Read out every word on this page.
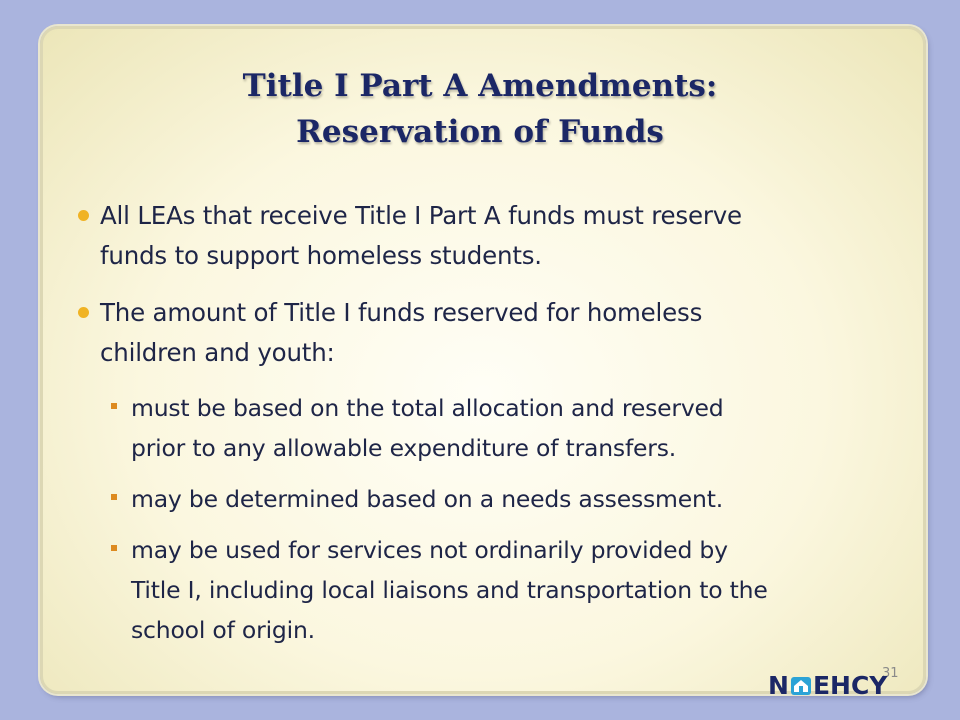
Title I Part A Amendments:
Reservation of Funds
All LEAs that receive Title I Part A funds must reserve
funds to support homeless students.
The amount of Title I funds reserved for homeless
children and youth:
must be based on the total allocation and reserved
prior to any allowable expenditure of transfers.
may be determined based on a needs assessment.
may be used for services not ordinarily provided by
Title I, including local liaisons and transportation to the
school of origin.
31
N EHCY
